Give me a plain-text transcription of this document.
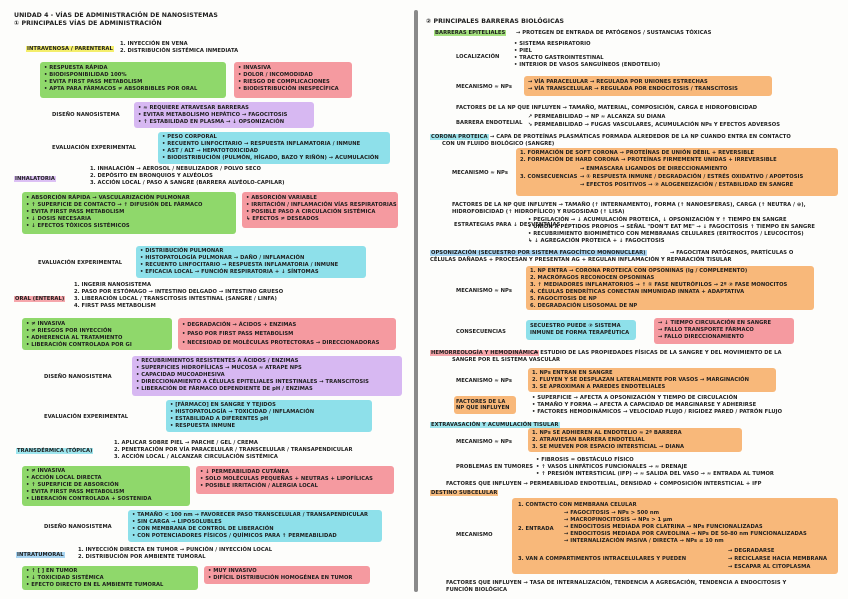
UNIDAD 4 - VÍAS DE ADMINISTRACIÓN DE NANOSISTEMAS
① PRINCIPALES VÍAS DE ADMINISTRACIÓN
INTRAVENOSA / PARENTERAL
1. INYECCIÓN EN VENA
2. DISTRIBUCIÓN SISTÉMICA INMEDIATA
• RESPUESTA RÁPIDA
• BIODISPONIBILIDAD 100%
• EVITA FIRST PASS METABOLISM
• APTA PARA FÁRMACOS ≠ ABSORBIBLES POR ORAL
• INVASIVA
• DOLOR / INCOMODIDAD
• RIESGO DE COMPLICACIONES
• BIODISTRIBUCIÓN INESPECÍFICA
DISEÑO NANOSISTEMA
• ≈ REQUIERE ATRAVESAR BARRERAS
• EVITAR METABOLISMO HEPÁTICO → FAGOCITOSIS
• ↑ ESTABILIDAD EN PLASMA → ↓ OPSONIZACIÓN
EVALUACIÓN EXPERIMENTAL
• PESO CORPORAL
• RECUENTO LINFOCITARIO → RESPUESTA INFLAMATORIA / INMUNE
• AST / ALT → HEPATOTOXICIDAD
• BIODISTRIBUCIÓN (PULMÓN, HÍGADO, BAZO Y RIÑÓN) → ACUMULACIÓN
INHALATORIA
1. INHALACIÓN → AEROSOL / NEBULIZADOR / POLVO SECO
2. DEPÓSITO EN BRONQUIOS Y ALVÉOLOS
3. ACCIÓN LOCAL / PASO A SANGRE (BARRERA ALVÉOLO-CAPILAR)
• ABSORCIÓN RÁPIDA → VASCULARIZACIÓN PULMONAR
• ↑ SUPERFICIE DE CONTACTO → ↑ DIFUSIÓN DEL FÁRMACO
• EVITA FIRST PASS METABOLISM
• ↓ DOSIS NECESARIA
• ↓ EFECTOS TÓXICOS SISTÉMICOS
• ABSORCIÓN VARIABLE
• IRRITACIÓN / INFLAMACIÓN VÍAS RESPIRATORIAS
• POSIBLE PASO A CIRCULACIÓN SISTÉMICA
↳ EFECTOS ≠ DESEADOS
EVALUACIÓN EXPERIMENTAL
• DISTRIBUCIÓN PULMONAR
• HISTOPATOLOGÍA PULMONAR → DAÑO / INFLAMACIÓN
• RECUENTO LINFOCITARIO → RESPUESTA INFLAMATORIA / INMUNE
• EFICACIA LOCAL → FUNCIÓN RESPIRATORIA + ↓ SÍNTOMAS
ORAL (ENTERAL)
1. INGERIR NANOSISTEMA
2. PASO POR ESTÓMAGO → INTESTINO DELGADO → INTESTINO GRUESO
3. LIBERACIÓN LOCAL / TRANSCITOSIS INTESTINAL (SANGRE / LINFA)
4. FIRST PASS METABOLISM
• ≠ INVASIVA
• ≠ RIESGOS POR INYECCIÓN
• ADHERENCIA AL TRATAMIENTO
• LIBERACIÓN CONTROLADA POR GI
• DEGRADACIÓN → ÁCIDOS + ENZIMAS
• PASO POR FIRST PASS METABOLISM
• NECESIDAD DE MOLÉCULAS PROTECTORAS → DIRECCIONADORAS
DISEÑO NANOSISTEMA
• RECUBRIMIENTOS RESISTENTES A ÁCIDOS / ENZIMAS
• SUPERFICIES HIDROFÍLICAS → MUCOSA ≈ ATRAPE NPS
• CAPACIDAD MUCOADHESIVA
• DIRECCIONAMIENTO A CÉLULAS EPITELIALES INTESTINALES → TRANSCITOSIS
• LIBERACIÓN DE FÁRMACO DEPENDIENTE DE pH / ENZIMAS
EVALUACIÓN EXPERIMENTAL
• [FÁRMACO] EN SANGRE Y TEJIDOS
• HISTOPATOLOGÍA → TOXICIDAD / INFLAMACIÓN
• ESTABILIDAD A DIFERENTES pH
• RESPUESTA INMUNE
TRANSDÉRMICA (TÓPICA)
1. APLICAR SOBRE PIEL → PARCHE / GEL / CREMA
2. PENETRACIÓN POR VÍA PARACELULAR / TRANSCELULAR / TRANSAPENDICULAR
3. ACCIÓN LOCAL / ALCANZAR CIRCULACIÓN SISTÉMICA
• ≠ INVASIVA
• ACCIÓN LOCAL DIRECTA
• ↑ SUPERFICIE DE ABSORCIÓN
• EVITA FIRST PASS METABOLISM
• LIBERACIÓN CONTROLADA + SOSTENIDA
• ↓ PERMEABILIDAD CUTÁNEA
• SOLO MOLÉCULAS PEQUEÑAS + NEUTRAS + LIPOFÍLICAS
• POSIBLE IRRITACIÓN / ALERGIA LOCAL
DISEÑO NANOSISTEMA
• TAMAÑO < 100 nm → FAVORECER PASO TRANSCELULAR / TRANSAPENDICULAR
• SIN CARGA → LIPOSOLUBLES
• CON MEMBRANA DE CONTROL DE LIBERACIÓN
• CON POTENCIADORES FÍSICOS / QUÍMICOS PARA ↑ PERMEABILIDAD
INTRATUMORAL
1. INYECCIÓN DIRECTA EN TUMOR → PUNCIÓN / INYECCIÓN LOCAL
2. DISTRIBUCIÓN POR AMBIENTE TUMORAL
• ↑ [ ] EN TUMOR
• ↓ TOXICIDAD SISTÉMICA
• EFECTO DIRECTO EN EL AMBIENTE TUMORAL
• MUY INVASIVO
• DIFÍCIL DISTRIBUCIÓN HOMOGÉNEA EN TUMOR
② PRINCIPALES BARRERAS BIOLÓGICAS
BARRERAS EPITELIALES → PROTEGEN DE ENTRADA DE PATÓGENOS / SUSTANCIAS TÓXICAS
LOCALIZACIÓN
• SISTEMA RESPIRATORIO
• PIEL
• TRACTO GASTROINTESTINAL
• INTERIOR DE VASOS SANGUÍNEOS (ENDOTELIO)
MECANISMO ≈ NPs
→ VÍA PARACELULAR → REGULADA POR UNIONES ESTRECHAS
→ VÍA TRANSCELULAR → REGULADA POR ENDOCITOSIS / TRANSCITOSIS
FACTORES DE LA NP QUE INFLUYEN → TAMAÑO, MATERIAL, COMPOSICIÓN, CARGA E HIDROFOBICIDAD
BARRERA ENDOTELIAL
↗ PERMEABILIDAD → NP ≈ ALCANZA SU DIANA
↘ PERMEABILIDAD → FUGAS VASCULARES, ACUMULACIÓN NPs Y EFECTOS ADVERSOS
CORONA PROTEICA → CAPA DE PROTEÍNAS PLASMÁTICAS FORMADA ALREDEDOR DE LA NP CUANDO ENTRA EN CONTACTO
CON UN FLUIDO BIOLÓGICO (SANGRE)
MECANISMO ≈ NPs
1. FORMACIÓN DE SOFT CORONA → PROTEÍNAS DE UNIÓN DÉBIL + REVERSIBLE
2. FORMACIÓN DE HARD CORONA → PROTEÍNAS FIRMEMENTE UNIDAS + IRREVERSIBLE
3. CONSECUENCIAS
→ ENMASCARA LIGANDOS DE DIRECCIONAMIENTO
→ ① RESPUESTA INMUNE / DEGRADACIÓN / ESTRÉS OXIDATIVO / APOPTOSIS
→ EFECTOS POSITIVOS → ② ALOGENEIZACIÓN / ESTABILIDAD EN SANGRE
FACTORES DE LA NP QUE INFLUYEN → TAMAÑO (↑ INTERNAMENTO), FORMA (↑ NANOESFERAS), CARGA (↑ NEUTRA / ⊕),
HIDROFOBICIDAD (↑ HIDROFÍLICO) Y RUGOSIDAD (↑ LISA)
ESTRATEGIAS PARA ↓ DESVENTAJAS
• PEGILACIÓN → ↓ ACUMULACIÓN PROTEICA, ↓ OPSONIZACIÓN Y ↑ TIEMPO EN SANGRE
• UNIÓN A PÉPTIDOS PROPIOS → SEÑAL "DON'T EAT ME" → ↓ FAGOCITOSIS ↑ TIEMPO EN SANGRE
• RECUBRIMIENTO BIOMIMÉTICO CON MEMBRANAS CELULARES (ERITROCITOS / LEUCOCITOS)
↳ ↓ AGREGACIÓN PROTEICA + ↓ FAGOCITOSIS
OPSONIZACIÓN (SECUESTRO POR SISTEMA FAGOCÍTICO MONONUCLEAR)	→ FAGOCITAN PATÓGENOS, PARTÍCULAS O
CÉLULAS DAÑADAS + PROCESAN Y PRESENTAN AG + REGULAN INFLAMACIÓN Y REPARACIÓN TISULAR
MECANISMO ≈ NPs
1. NP ENTRA → CORONA PROTEICA CON OPSONINAS (Ig / COMPLEMENTO)
2. MACRÓFAGOS RECONOCEN OPSONINAS
3. ↑ MEDIADORES INFLAMATORIOS → ↑ ① FASE NEUTRÓFILOS → 2º ② FASE MONOCITOS
4. CÉLULAS DENDRÍTICAS CONECTAN INMUNIDAD INNATA + ADAPTATIVA
5. FAGOCITOSIS DE NP
6. DEGRADACIÓN LISOSOMAL DE NP
CONSECUENCIAS
SECUESTRO PUEDE ② SISTEMA
INMUNE DE FORMA TERAPÉUTICA
→ ↓ TIEMPO CIRCULACIÓN EN SANGRE
→ FALLO TRANSPORTE FÁRMACO
→ FALLO DIRECCIONAMIENTO
HEMORREOLOGÍA Y HEMODINÁMICA
→ ESTUDIO DE LAS PROPIEDADES FÍSICAS DE LA SANGRE Y DEL MOVIMIENTO DE LA
SANGRE POR EL SISTEMA VASCULAR
MECANISMO ≈ NPs
1. NPs ENTRAN EN SANGRE
2. FLUYEN Y SE DESPLAZAN LATERALMENTE POR VASOS → MARGINACIÓN
3. SE APROXIMAN A PAREDES ENDOTELIALES
FACTORES DE LA NP QUE INFLUYEN
• SUPERFICIE → AFECTA A OPSONIZACIÓN Y TIEMPO DE CIRCULACIÓN
• TAMAÑO Y FORMA → AFECTA A CAPACIDAD DE MARGINARSE Y ADHERIRSE
• FACTORES HEMODINÁMICOS → VELOCIDAD FLUJO / RIGIDEZ PARED / PATRÓN FLUJO
EXTRAVASACIÓN Y ACUMULACIÓN TISULAR
MECANISMO ≈ NPs
1. NPs SE ADHIEREN AL ENDOTELIO ≈ 2ª BARRERA
2. ATRAVIESAN BARRERA ENDOTELIAL
3. SE MUEVEN POR ESPACIO INTERSTICIAL → DIANA
PROBLEMAS EN TUMORES
• FIBROSIS = OBSTÁCULO FÍSICO
• ↑ VASOS LINFÁTICOS FUNCIONALES → ≈ DRENAJE
• ↑ PRESIÓN INTERSTICIAL (IFP) → ≈ SALIDA DEL VASO → ≈ ENTRADA AL TUMOR
FACTORES QUE INFLUYEN → PERMEABILIDAD ENDOTELIAL, DENSIDAD + COMPOSICIÓN INTERSTICIAL + IFP
DESTINO SUBCELULAR
MECANISMO
1. CONTACTO CON MEMBRANA CELULAR
2. ENTRADA
→ FAGOCITOSIS → NPs > 500 nm
→ MACROPINOCITOSIS → NPs > 1 μm
→ ENDOCITOSIS MEDIADA POR CLATRINA → NPs FUNCIONALIZADAS
→ ENDOCITOSIS MEDIADA POR CAVEOLINA → NPs DE 50-80 nm FUNCIONALIZADAS
→ INTERNALIZACIÓN PASIVA / DIRECTA → NPs ≤ 10 nm
3. VAN A COMPARTIMENTOS INTRACELULARES Y PUEDEN
→ DEGRADARSE
→ RECICLARSE HACIA MEMBRANA
→ ESCAPAR AL CITOPLASMA
FACTORES QUE INFLUYEN → TASA DE INTERNALIZACIÓN, TENDENCIA A AGREGACIÓN, TENDENCIA A ENDOCITOSIS Y
FUNCIÓN BIOLÓGICA
